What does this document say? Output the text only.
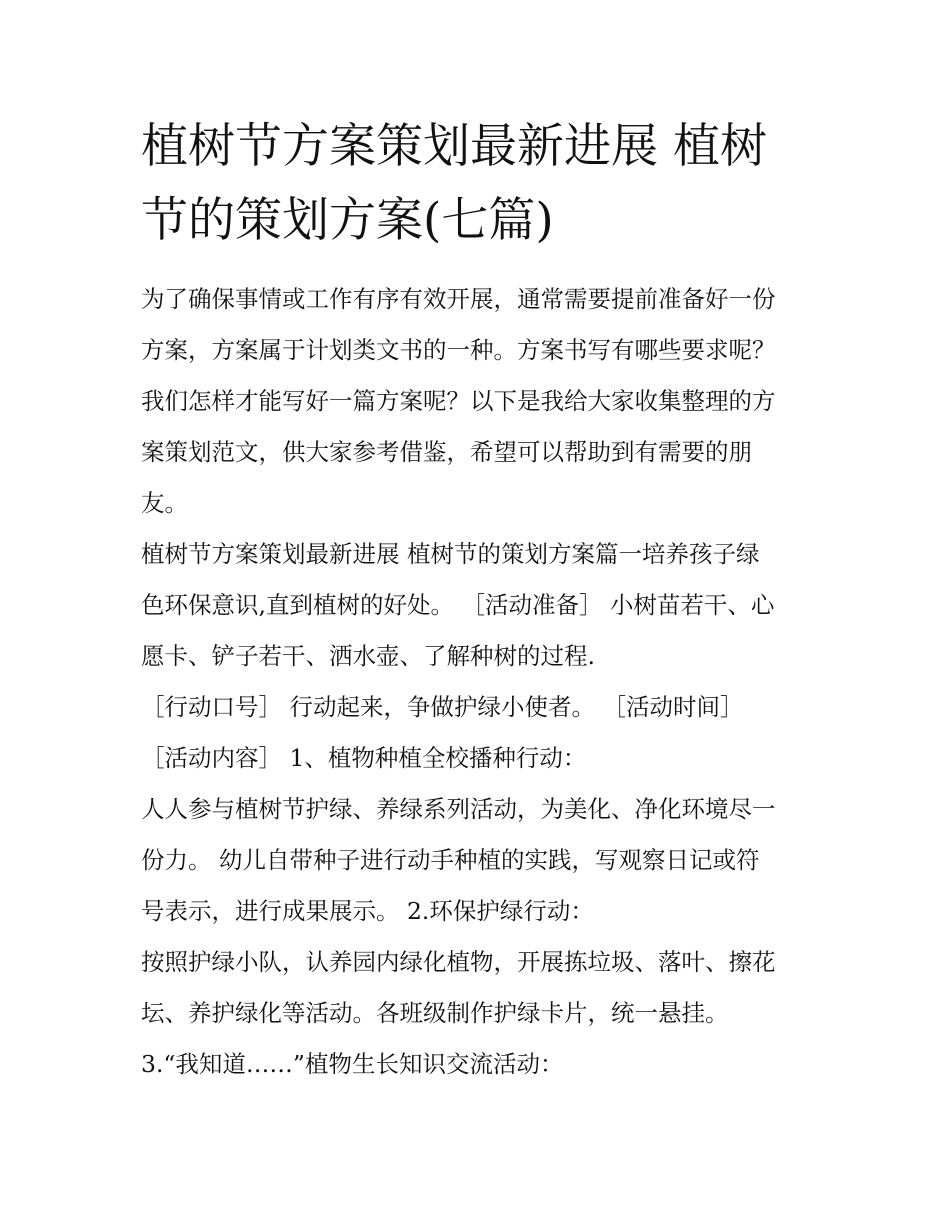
植树节方案策划最新进展 植树
节的策划方案(七篇)

为了确保事情或工作有序有效开展，通常需要提前准备好一份
方案，方案属于计划类文书的一种。方案书写有哪些要求呢？
我们怎样才能写好一篇方案呢？以下是我给大家收集整理的方
案策划范文，供大家参考借鉴，希望可以帮助到有需要的朋
友。

植树节方案策划最新进展 植树节的策划方案篇一培养孩子绿
色环保意识,直到植树的好处。 ［活动准备］ 小树苗若干、心
愿卡、铲子若干、洒水壶、了解种树的过程.

［行动口号］ 行动起来，争做护绿小使者。 ［活动时间］
［活动内容］ 1、植物种植全校播种行动：

人人参与植树节护绿、养绿系列活动，为美化、净化环境尽一
份力。 幼儿自带种子进行动手种植的实践，写观察日记或符
号表示，进行成果展示。 2.环保护绿行动：

按照护绿小队，认养园内绿化植物，开展拣垃圾、落叶、擦花
坛、养护绿化等活动。各班级制作护绿卡片，统一悬挂。

3.“我知道……”植物生长知识交流活动：
